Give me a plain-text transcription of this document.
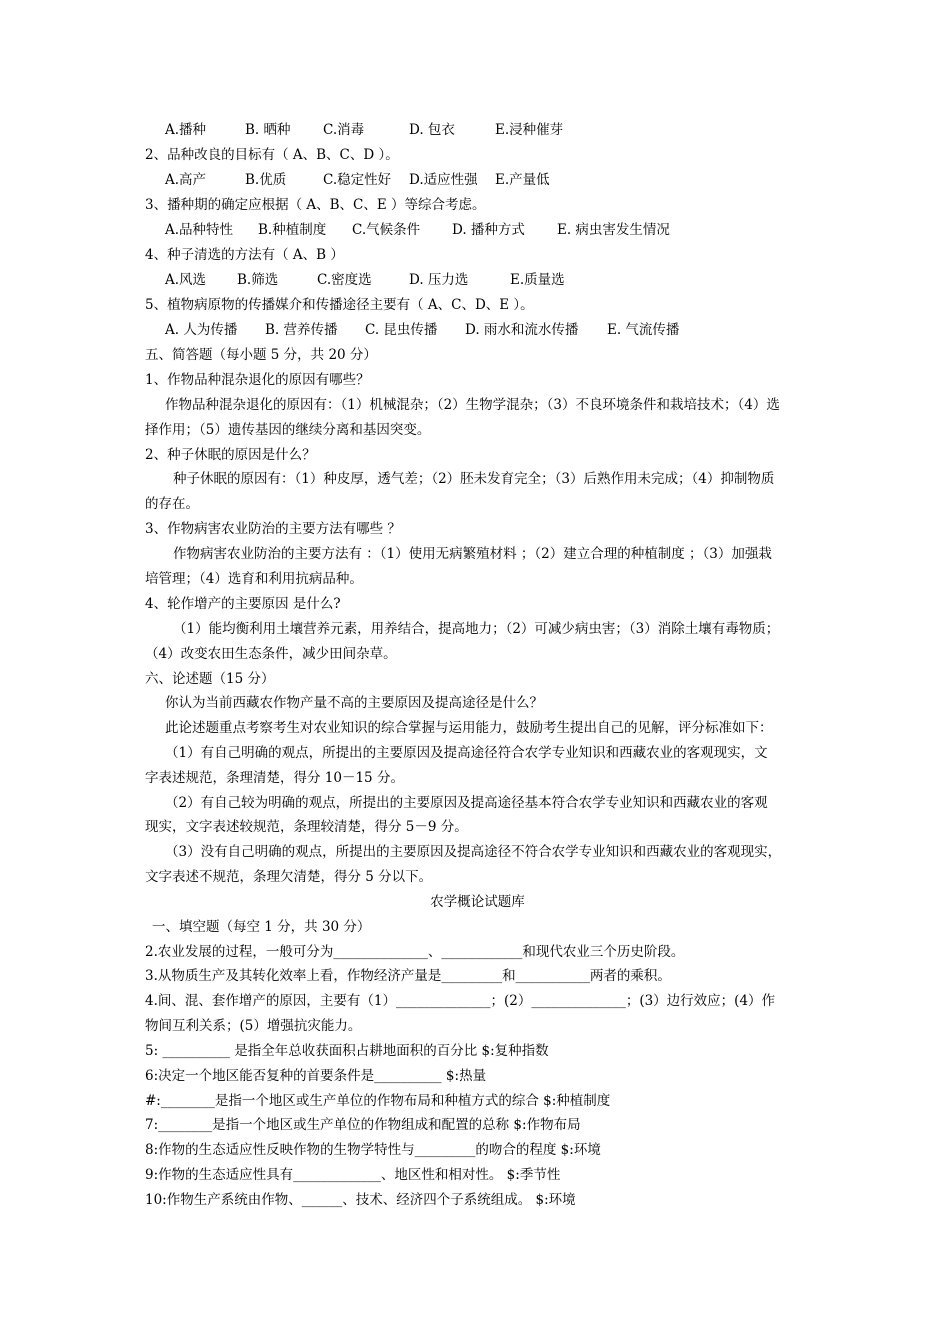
A.播种	B. 晒种 C.消毒	D. 包衣	E.浸种催芽
2、品种改良的目标有（ A、B、C、D ）。
A.高产	B.优质	C.稳定性好 D.适应性强 E.产量低
3、播种期的确定应根据（ A、B、C、E ）等综合考虑。
A.品种特性 B.种植制度 C.气候条件 D. 播种方式 E. 病虫害发生情况
4、种子清选的方法有（ A、B ）
A.风选 B.筛选	C.密度选	D. 压力选	E.质量选
5、植物病原物的传播媒介和传播途径主要有（ A、C、D、E ）。
A. 人为传播 B. 营养传播 C. 昆虫传播 D. 雨水和流水传播 E. 气流传播
五、简答题（每小题 5 分，共 20 分）
1、作物品种混杂退化的原因有哪些？
作物品种混杂退化的原因有：（1）机械混杂；（2）生物学混杂；（3）不良环境条件和栽培技术；（4）选
择作用；（5）遗传基因的继续分离和基因突变。
2、种子休眠的原因是什么？
种子休眠的原因有：（1）种皮厚，透气差；（2）胚未发育完全；（3）后熟作用未完成；（4）抑制物质
的存在。
3、作物病害农业防治的主要方法有哪些 ？
作物病害农业防治的主要方法有 ：（1）使用无病繁殖材料 ；（2）建立合理的种植制度 ；（3）加强栽
培管理；（4）选育和利用抗病品种。
4、轮作增产的主要原因 是什么?
（1）能均衡利用土壤营养元素，用养结合，提高地力；（2）可减少病虫害；（3）消除土壤有毒物质；
（4）改变农田生态条件，减少田间杂草。
六、论述题（15 分）
你认为当前西藏农作物产量不高的主要原因及提高途径是什么？
此论述题重点考察考生对农业知识的综合掌握与运用能力，鼓励考生提出自己的见解，评分标准如下：
（1）有自己明确的观点，所提出的主要原因及提高途径符合农学专业知识和西藏农业的客观现实，文
字表述规范，条理清楚，得分 10－15 分。
（2）有自己较为明确的观点，所提出的主要原因及提高途径基本符合农学专业知识和西藏农业的客观
现实，文字表述较规范，条理较清楚，得分 5－9 分。
（3）没有自己明确的观点，所提出的主要原因及提高途径不符合农学专业知识和西藏农业的客观现实，
文字表述不规范，条理欠清楚，得分 5 分以下。
农学概论试题库
一、填空题（每空 1 分，共 30 分）
2.农业发展的过程，一般可分为______________、____________和现代农业三个历史阶段。
3.从物质生产及其转化效率上看，作物经济产量是_________和___________两者的乘积。
4.间、混、套作增产的原因，主要有（1）______________；(2）______________；(3）边行效应；(4）作
物间互利关系；(5）增强抗灾能力。
5: __________ 是指全年总收获面积占耕地面积的百分比 $:复种指数
6:决定一个地区能否复种的首要条件是__________ $:热量
#:________是指一个地区或生产单位的作物布局和种植方式的综合 $:种植制度
7:________是指一个地区或生产单位的作物组成和配置的总称 $:作物布局
8:作物的生态适应性反映作物的生物学特性与_________的吻合的程度 $:环境
9:作物的生态适应性具有_____________、地区性和相对性。 $:季节性
10:作物生产系统由作物、______、技术、经济四个子系统组成。 $:环境
